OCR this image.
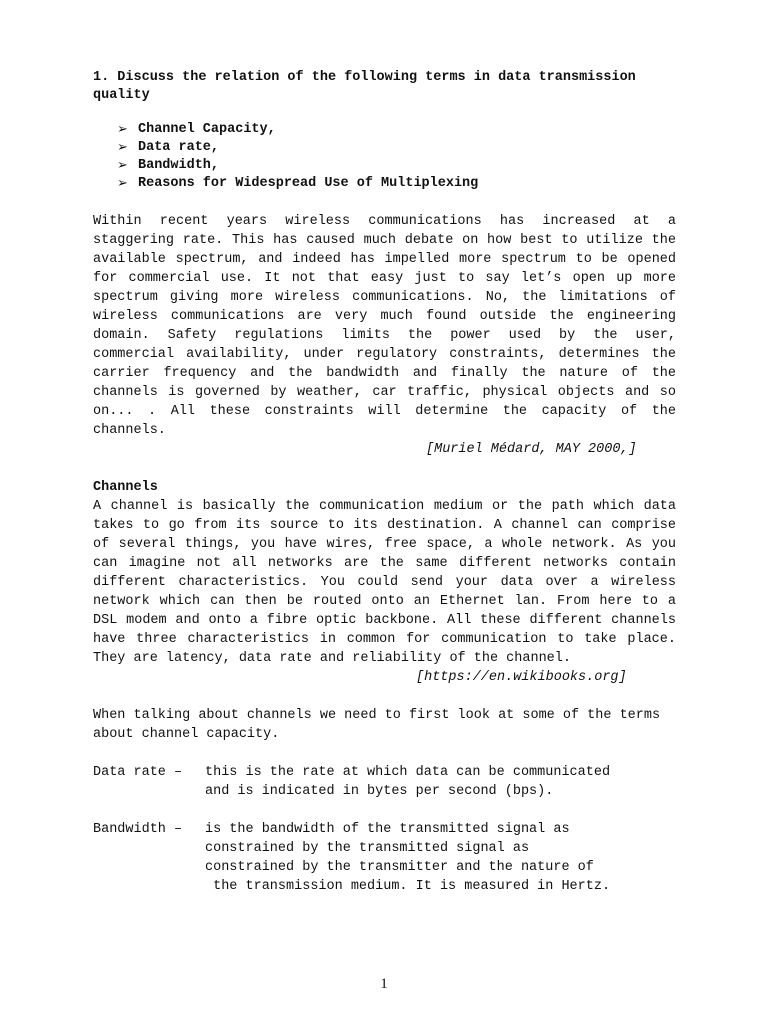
1. Discuss the relation of the following terms in data transmission quality

➢ Channel Capacity,
➢ Data rate,
➢ Bandwidth,
➢ Reasons for Widespread Use of Multiplexing

Within recent years wireless communications has increased at a staggering rate. This has caused much debate on how best to utilize the available spectrum, and indeed has impelled more spectrum to be opened for commercial use. It not that easy just to say let’s open up more spectrum giving more wireless communications. No, the limitations of wireless communications are very much found outside the engineering domain. Safety regulations limits the power used by the user, commercial availability, under regulatory constraints, determines the carrier frequency and the bandwidth and finally the nature of the channels is governed by weather, car traffic, physical objects and so on... . All these constraints will determine the capacity of the channels.

[Muriel Médard, MAY 2000,]

Channels

A channel is basically the communication medium or the path which data takes to go from its source to its destination. A channel can comprise of several things, you have wires, free space, a whole network. As you can imagine not all networks are the same different networks contain different characteristics. You could send your data over a wireless network which can then be routed onto an Ethernet lan. From here to a DSL modem and onto a fibre optic backbone. All these different channels have three characteristics in common for communication to take place. They are latency, data rate and reliability of the channel.

[https://en.wikibooks.org]

When talking about channels we need to first look at some of the terms about channel capacity.

Data rate –	this is the rate at which data can be communicated
and is indicated in bytes per second (bps).
Bandwidth –	is the bandwidth of the transmitted signal as
constrained by the transmitted signal as
constrained by the transmitter and the nature of
the transmission medium. It is measured in Hertz.
1
